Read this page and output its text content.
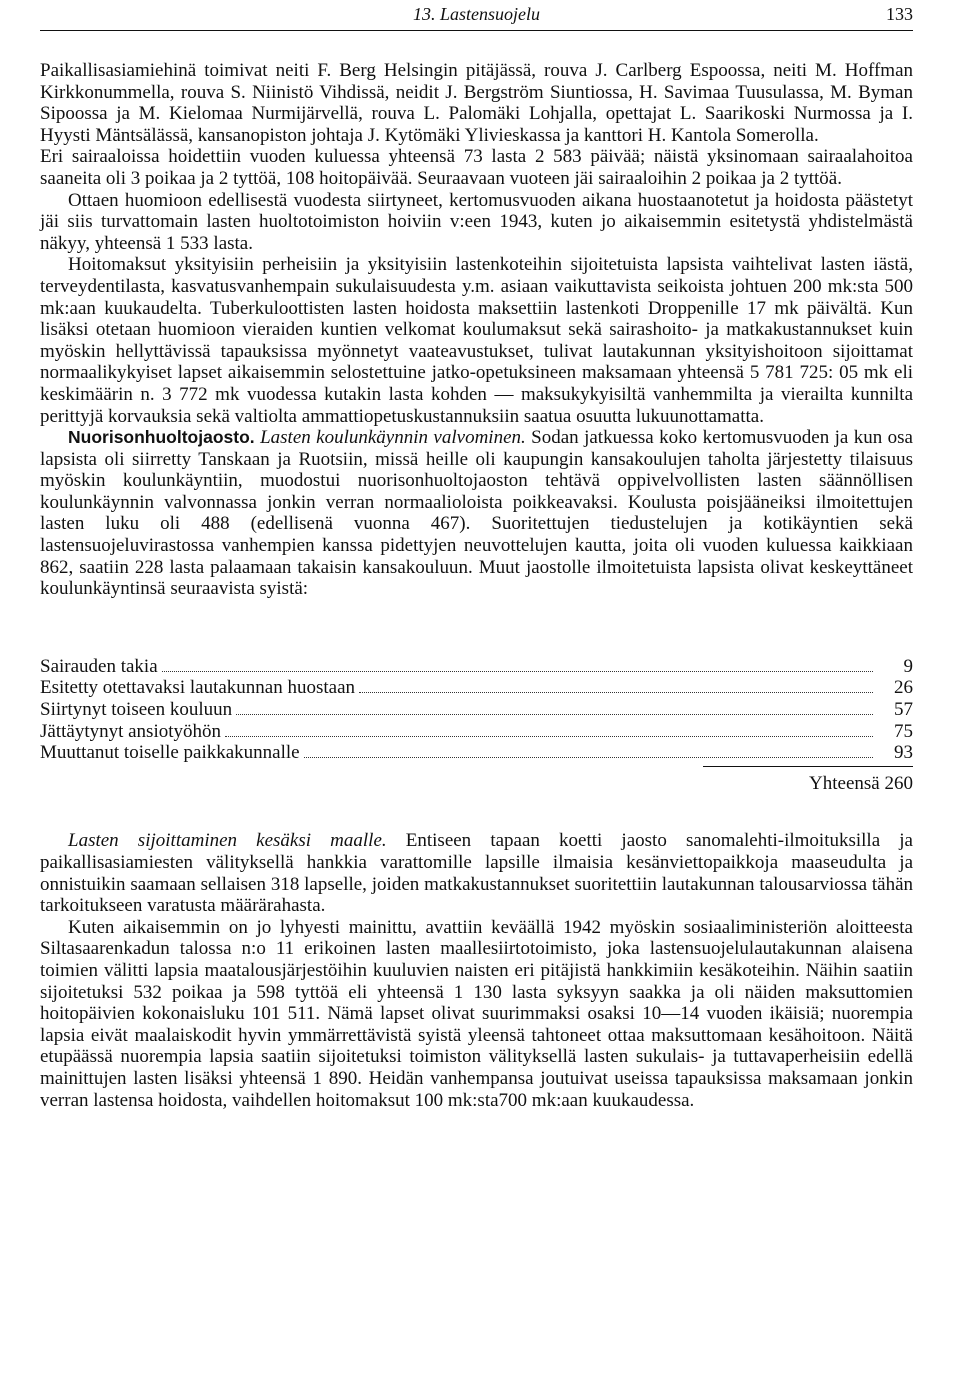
13. Lastensuojelu	133

Paikallisasiamiehinä toimivat neiti F. Berg Helsingin pitäjässä, rouva J. Carlberg Espoossa, neiti M. Hoffman Kirkkonummella, rouva S. Niinistö Vihdissä, neidit J. Bergström Siuntiossa, H. Savimaa Tuusulassa, M. Byman Sipoossa ja M. Kielomaa Nurmijärvellä, rouva L. Palomäki Lohjalla, opettajat L. Saarikoski Nurmossa ja I. Hyysti Mäntsälässä, kansanopiston johtaja J. Kytömäki Ylivieskassa ja kanttori H. Kantola Somerolla.

Eri sairaaloissa hoidettiin vuoden kuluessa yhteensä 73 lasta 2 583 päivää; näistä yksinomaan sairaalahoitoa saaneita oli 3 poikaa ja 2 tyttöä, 108 hoitopäivää. Seuraavaan vuoteen jäi sairaaloihin 2 poikaa ja 2 tyttöä.

Ottaen huomioon edellisestä vuodesta siirtyneet, kertomusvuoden aikana huostaanotetut ja hoidosta päästetyt jäi siis turvattomain lasten huoltotoimiston hoiviin v:een 1943, kuten jo aikaisemmin esitetystä yhdistelmästä näkyy, yhteensä 1 533 lasta.

Hoitomaksut yksityisiin perheisiin ja yksityisiin lastenkoteihin sijoitetuista lapsista vaihtelivat lasten iästä, terveydentilasta, kasvatusvanhempain sukulaisuudesta y.m. asiaan vaikuttavista seikoista johtuen 200 mk:sta 500 mk:aan kuukaudelta. Tuberkuloottisten lasten hoidosta maksettiin lastenkoti Droppenille 17 mk päivältä. Kun lisäksi otetaan huomioon vieraiden kuntien velkomat koulumaksut sekä sairashoito- ja matkakustannukset kuin myöskin hellyttävissä tapauksissa myönnetyt vaateavustukset, tulivat lautakunnan yksityishoitoon sijoittamat normaalikykyiset lapset aikaisemmin selostettuine jatko-opetuksineen maksamaan yhteensä 5 781 725: 05 mk eli keskimäärin n. 3 772 mk vuodessa kutakin lasta kohden — maksukykyisiltä vanhemmilta ja vierailta kunnilta perittyjä korvauksia sekä valtiolta ammattiopetuskustannuksiin saatua osuutta lukuunottamatta.

Nuorisonhuoltojaosto. Lasten koulunkäynnin valvominen. Sodan jatkuessa koko kertomusvuoden ja kun osa lapsista oli siirretty Tanskaan ja Ruotsiin, missä heille oli kaupungin kansakoulujen taholta järjestetty tilaisuus myöskin koulunkäyntiin, muodostui nuorisonhuoltojaoston tehtävä oppivelvollisten lasten säännöllisen koulunkäynnin valvonnassa jonkin verran normaalioloista poikkeavaksi. Koulusta poisjääneiksi ilmoitettujen lasten luku oli 488 (edellisenä vuonna 467). Suoritettujen tiedustelujen ja kotikäyntien sekä lastensuojeluvirastossa vanhempien kanssa pidettyjen neuvottelujen kautta, joita oli vuoden kuluessa kaikkiaan 862, saatiin 228 lasta palaamaan takaisin kansakouluun. Muut jaostolle ilmoitetuista lapsista olivat keskeyttäneet koulunkäyntinsä seuraavista syistä:

Sairauden takia	9
Esitetty otettavaksi lautakunnan huostaan	26
Siirtynyt toiseen kouluun	57
Jättäytynyt ansiotyöhön	75
Muuttanut toiselle paikkakunnalle	93
Yhteensä 260

Lasten sijoittaminen kesäksi maalle. Entiseen tapaan koetti jaosto sanomalehti-ilmoituksilla ja paikallisasiamiesten välityksellä hankkia varattomille lapsille ilmaisia kesänviettopaikkoja maaseudulta ja onnistuikin saamaan sellaisen 318 lapselle, joiden matkakustannukset suoritettiin lautakunnan talousarviossa tähän tarkoitukseen varatusta määrärahasta.

Kuten aikaisemmin on jo lyhyesti mainittu, avattiin keväällä 1942 myöskin sosiaaliministeriön aloitteesta Siltasaarenkadun talossa n:o 11 erikoinen lasten maallesiirtotoimisto, joka lastensuojelulautakunnan alaisena toimien välitti lapsia maatalousjärjestöihin kuuluvien naisten eri pitäjistä hankkimiin kesäkoteihin. Näihin saatiin sijoitetuksi 532 poikaa ja 598 tyttöä eli yhteensä 1 130 lasta syksyyn saakka ja oli näiden maksuttomien hoitopäivien kokonaisluku 101 511. Nämä lapset olivat suurimmaksi osaksi 10—14 vuoden ikäisiä; nuorempia lapsia eivät maalaiskodit hyvin ymmärrettävistä syistä yleensä tahtoneet ottaa maksuttomaan kesähoitoon. Näitä etupäässä nuorempia lapsia saatiin sijoitetuksi toimiston välityksellä lasten sukulais- ja tuttavaperheisiin edellä mainittujen lasten lisäksi yhteensä 1 890. Heidän vanhempansa joutuivat useissa tapauksissa maksamaan jonkin verran lastensa hoidosta, vaihdellen hoitomaksut 100 mk:sta700 mk:aan kuukaudessa.
